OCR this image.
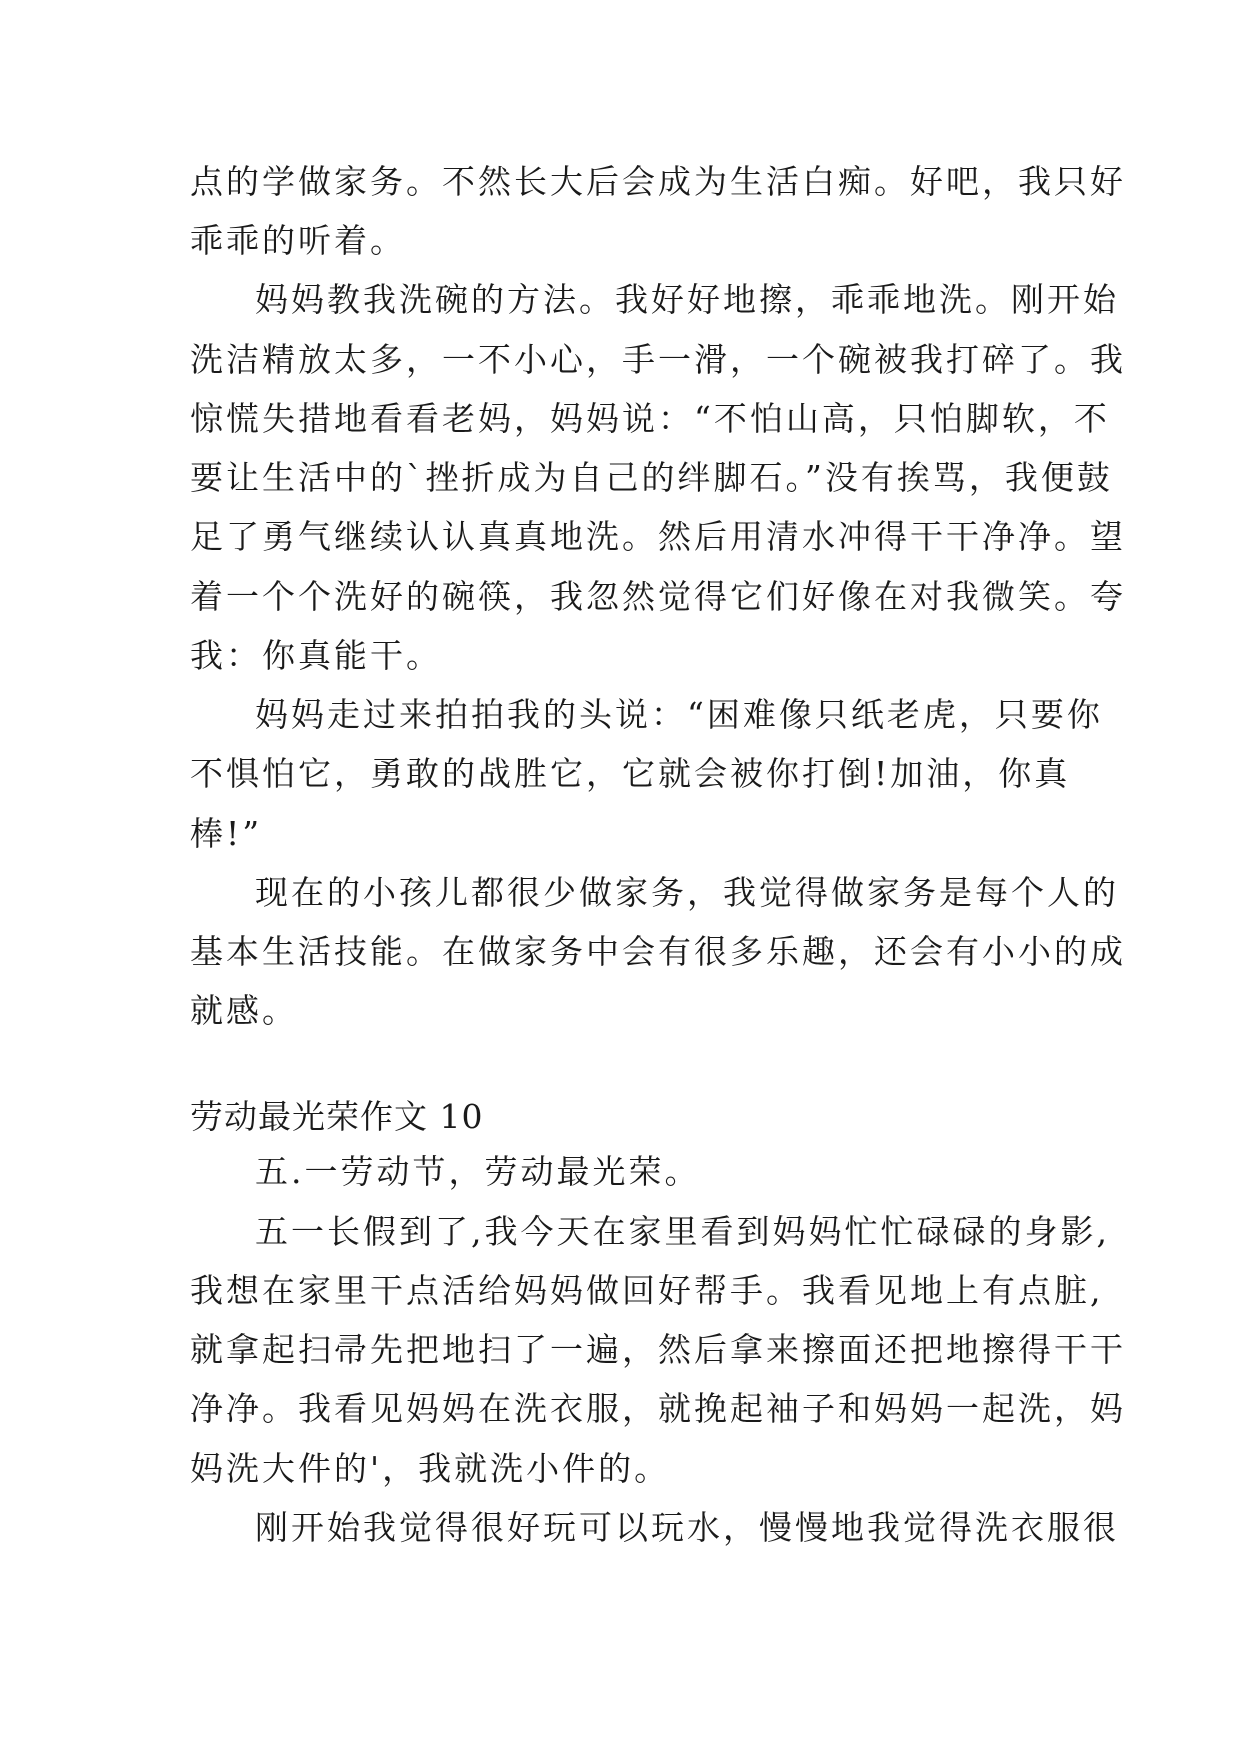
点的学做家务。不然长大后会成为生活白痴。好吧，我只好
乖乖的听着。
妈妈教我洗碗的方法。我好好地擦，乖乖地洗。刚开始
洗洁精放太多，一不小心，手一滑，一个碗被我打碎了。我
惊慌失措地看看老妈，妈妈说：“不怕山高，只怕脚软，不
要让生活中的`挫折成为自己的绊脚石。”没有挨骂，我便鼓
足了勇气继续认认真真地洗。然后用清水冲得干干净净。望
着一个个洗好的碗筷，我忽然觉得它们好像在对我微笑。夸
我：你真能干。
妈妈走过来拍拍我的头说：“困难像只纸老虎，只要你
不惧怕它，勇敢的战胜它，它就会被你打倒!加油，你真
棒!”
现在的小孩儿都很少做家务，我觉得做家务是每个人的
基本生活技能。在做家务中会有很多乐趣，还会有小小的成
就感。
劳动最光荣作文 10
五.一劳动节，劳动最光荣。
五一长假到了,我今天在家里看到妈妈忙忙碌碌的身影,
我想在家里干点活给妈妈做回好帮手。我看见地上有点脏,
就拿起扫帚先把地扫了一遍，然后拿来擦面还把地擦得干干
净净。我看见妈妈在洗衣服，就挽起袖子和妈妈一起洗，妈
妈洗大件的'，我就洗小件的。
刚开始我觉得很好玩可以玩水，慢慢地我觉得洗衣服很
